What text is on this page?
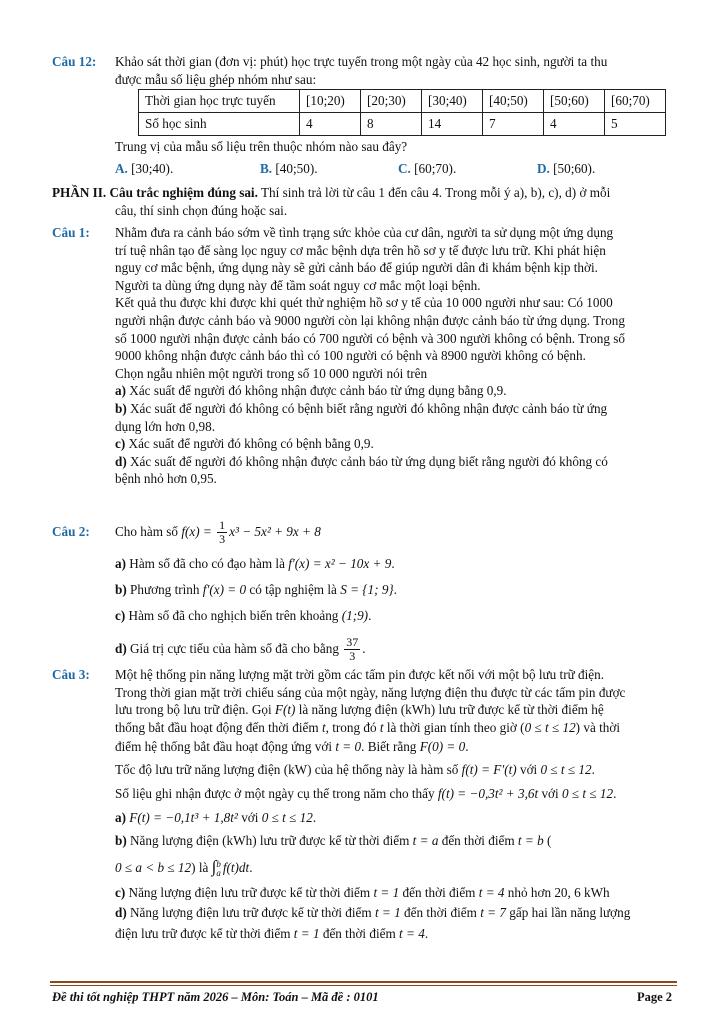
Câu 12: Khảo sát thời gian (đơn vị: phút) học trực tuyến trong một ngày của 42 học sinh, người ta thu
được mẫu số liệu ghép nhóm như sau:
Thời gian học trực tuyến	[10;20)	[20;30)	[30;40)	[40;50)	[50;60)	[60;70)
Số học sinh	4	8	14	7	4	5
Trung vị của mẫu số liệu trên thuộc nhóm nào sau đây?
A. [30;40).	B. [40;50).	C. [60;70).	D. [50;60).
PHẦN II. Câu trắc nghiệm đúng sai. Thí sinh trả lời từ câu 1 đến câu 4. Trong mỗi ý a), b), c), d) ở mỗi
câu, thí sinh chọn đúng hoặc sai.
Câu 1: Nhằm đưa ra cảnh báo sớm về tình trạng sức khỏe của cư dân, người ta sử dụng một ứng dụng
trí tuệ nhân tạo để sàng lọc nguy cơ mắc bệnh dựa trên hồ sơ y tế được lưu trữ. Khi phát hiện
nguy cơ mắc bệnh, ứng dụng này sẽ gửi cảnh báo để giúp người dân đi khám bệnh kịp thời.
Người ta dùng ứng dụng này để tầm soát nguy cơ mắc một loại bệnh.
Kết quả thu được khi được khi quét thử nghiệm hồ sơ y tế của 10 000 người như sau: Có 1000
người nhận được cảnh báo và 9000 người còn lại không nhận được cảnh báo từ ứng dụng. Trong
số 1000 người nhận được cảnh báo có 700 người có bệnh và 300 người không có bệnh. Trong số
9000 không nhận được cảnh báo thì có 100 người có bệnh và 8900 người không có bệnh.
Chọn ngẫu nhiên một người trong số 10 000 người nói trên
a) Xác suất để người đó không nhận được cảnh báo từ ứng dụng bằng 0,9.
b) Xác suất để người đó không có bệnh biết rằng người đó không nhận được cảnh báo từ ứng
dụng lớn hơn 0,98.
c) Xác suất để người đó không có bệnh bằng 0,9.
d) Xác suất để người đó không nhận được cảnh báo từ ứng dụng biết rằng người đó không có
bệnh nhỏ hơn 0,95.
Câu 2: Cho hàm số $f(x) = \frac{1}{3} x^3 - 5x^2 + 9x + 8$
a) Hàm số đã cho có đạo hàm là f′(x) = x² − 10x + 9.
b) Phương trình f′(x) = 0 có tập nghiệm là S = {1; 9}.
c) Hàm số đã cho nghịch biến trên khoảng (1;9).
d) Giá trị cực tiểu của hàm số đã cho bằng $\frac{37}{3}$ .
Câu 3: Một hệ thống pin năng lượng mặt trời gồm các tấm pin được kết nối với một bộ lưu trữ điện.
Trong thời gian mặt trời chiếu sáng của một ngày, năng lượng điện thu được từ các tấm pin được
lưu trong bộ lưu trữ điện. Gọi F(t) là năng lượng điện (kWh) lưu trữ được kể từ thời điểm hệ
thống bắt đầu hoạt động đến thời điểm t, trong đó t là thời gian tính theo giờ (0 ≤ t ≤ 12) và thời
điểm hệ thống bắt đầu hoạt động ứng với t = 0. Biết rằng F(0) = 0.
Tốc độ lưu trữ năng lượng điện (kW) của hệ thống này là hàm số f(t) = F′(t) với 0 ≤ t ≤ 12.
Số liệu ghi nhận được ở một ngày cụ thể trong năm cho thấy f(t) = −0,3t² + 3,6t với 0 ≤ t ≤ 12.
a) F(t) = −0,1t³ + 1,8t² với 0 ≤ t ≤ 12.
b) Năng lượng điện (kWh) lưu trữ được kể từ thời điểm t = a đến thời điểm t = b (
0 ≤ a < b ≤ 12) là ∫ b
a f(t)dt.
c) Năng lượng điện lưu trữ được kể từ thời điểm t = 1 đến thời điểm t = 4 nhỏ hơn 20, 6 kWh
d) Năng lượng điện lưu trữ được kể từ thời điểm t = 1 đến thời điểm t = 7 gấp hai lần năng lượng
điện lưu trữ được kể từ thời điểm t = 1 đến thời điểm t = 4.
Đề thi tốt nghiệp THPT năm 2026 – Môn: Toán – Mã đề : 0101	Page 2
